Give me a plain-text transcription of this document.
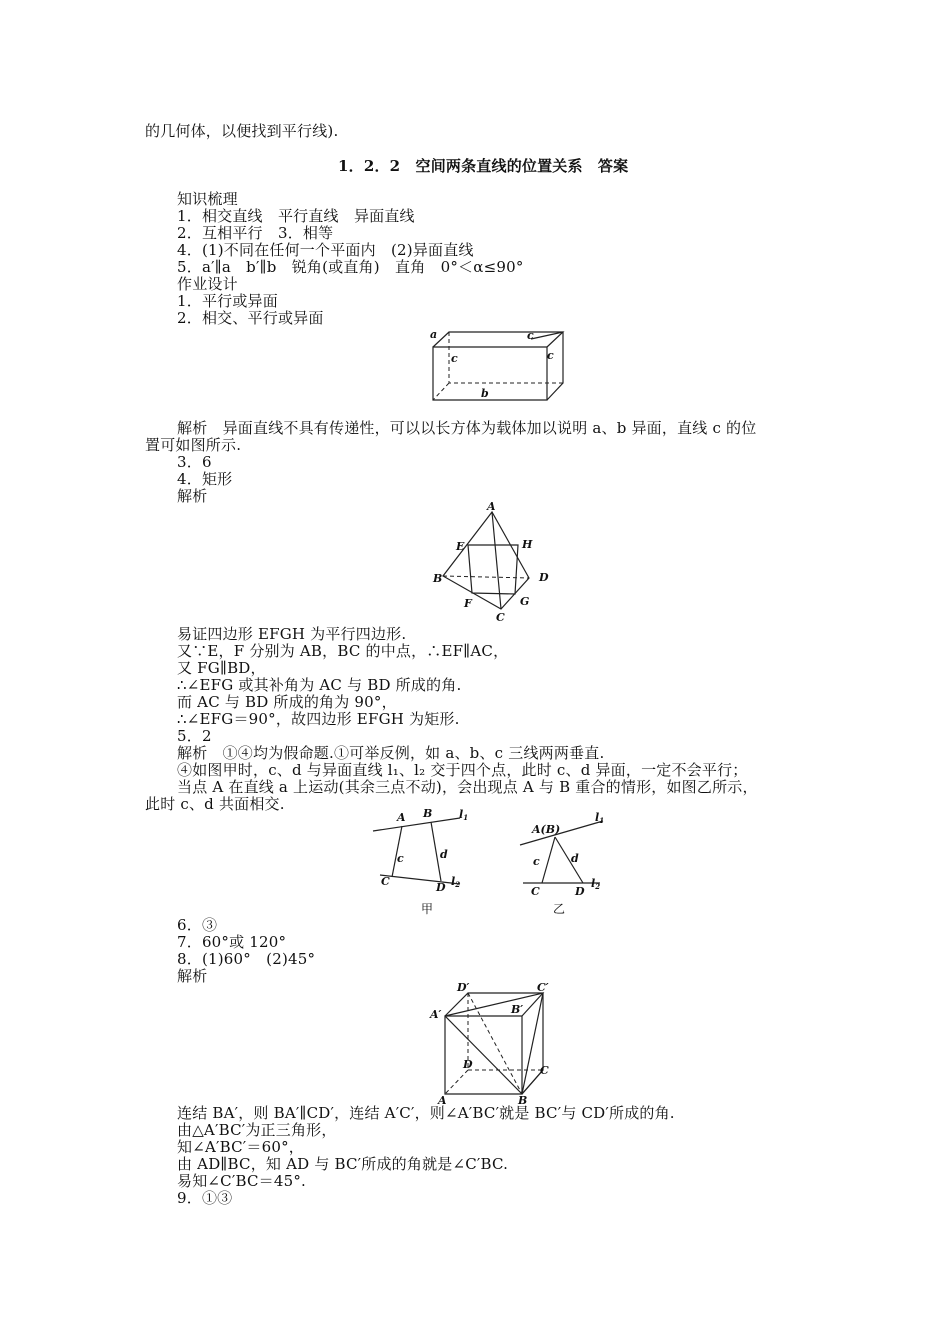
的几何体，以便找到平行线).
1．2．2　空间两条直线的位置关系　答案
知识梳理
1．相交直线　平行直线　异面直线
2．互相平行　3．相等
4．(1)不同在任何一个平面内　(2)异面直线
5．a′∥a　b′∥b　锐角(或直角)　直角　0°＜α≤90°
作业设计
1．平行或异面
2．相交、平行或异面
a
c
c
c
b
解析　异面直线不具有传递性，可以以长方体为载体加以说明 a、b 异面，直线 c 的位
置可如图所示.
3．6
4．矩形
解析
A
E	H
B	D
F	G
C
易证四边形 EFGH 为平行四边形.
又∵E，F 分别为 AB，BC 的中点，∴EF∥AC，
又 FG∥BD，
∴∠EFG 或其补角为 AC 与 BD 所成的角.
而 AC 与 BD 所成的角为 90°，
∴∠EFG＝90°，故四边形 EFGH 为矩形.
5．2
解析　①④均为假命题.①可举反例，如 a、b、c 三线两两垂直.
④如图甲时，c、d 与异面直线 l₁、l₂ 交于四个点，此时 c、d 异面，一定不会平行；
当点 A 在直线 a 上运动(其余三点不动)，会出现点 A 与 B 重合的情形，如图乙所示，
此时 c、d 共面相交.
A B l1
c	d
C	D l2
甲
A(B)
l1
c	d
C	D
l2
乙
6．③
7．60°或 120°
8．(1)60°　(2)45°
解析
D′	C′
A′	B′
D	C
A	B
连结 BA′，则 BA′∥CD′，连结 A′C′，则∠A′BC′就是 BC′与 CD′所成的角.
由△A′BC′为正三角形，
知∠A′BC′＝60°，
由 AD∥BC，知 AD 与 BC′所成的角就是∠C′BC.
易知∠C′BC＝45°.
9．①③
